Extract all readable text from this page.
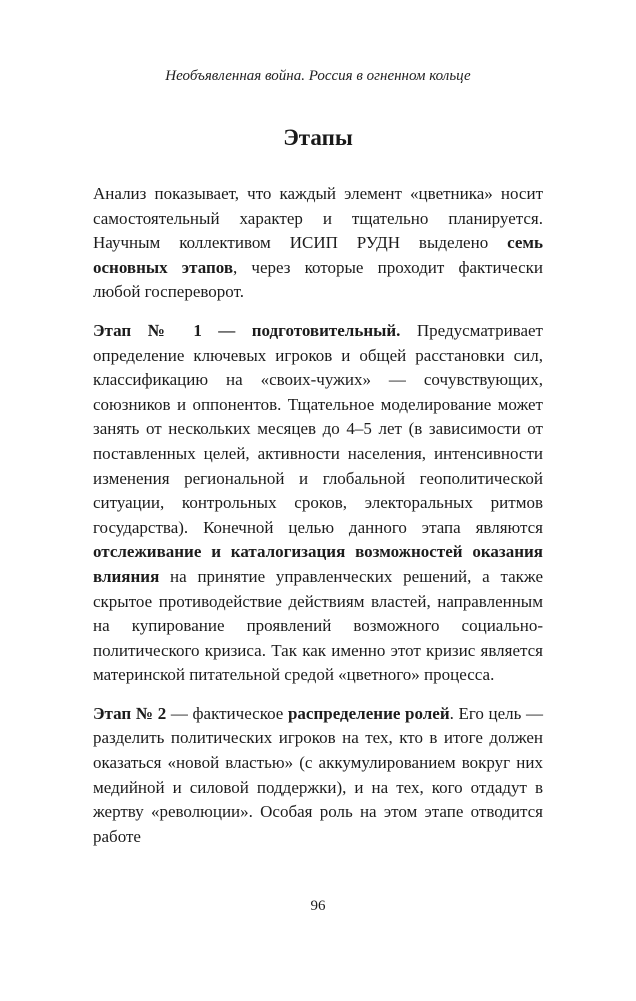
Необъявленная война. Россия в огненном кольце
Этапы

Анализ показывает, что каждый элемент «цветника» носит самостоятельный характер и тщательно планируется. Научным коллективом ИСИП РУДН выделено семь основных этапов, через которые проходит фактически любой госпереворот.

Этап № 1 — подготовительный. Предусматривает определение ключевых игроков и общей расстановки сил, классификацию на «своих-чужих» — сочувствующих, союзников и оппонентов. Тщательное моделирование может занять от нескольких месяцев до 4–5 лет (в зависимости от поставленных целей, активности населения, интенсивности изменения региональной и глобальной геополитической ситуации, контрольных сроков, электоральных ритмов государства). Конечной целью данного этапа являются отслеживание и каталогизация возможностей оказания влияния на принятие управленческих решений, а также скрытое противодействие действиям властей, направленным на купирование проявлений возможного социально-политического кризиса. Так как именно этот кризис является материнской питательной средой «цветного» процесса.

Этап № 2 — фактическое распределение ролей. Его цель — разделить политических игроков на тех, кто в итоге должен оказаться «новой властью» (с аккумулированием вокруг них медийной и силовой поддержки), и на тех, кого отдадут в жертву «революции». Особая роль на этом этапе отводится работе

96
